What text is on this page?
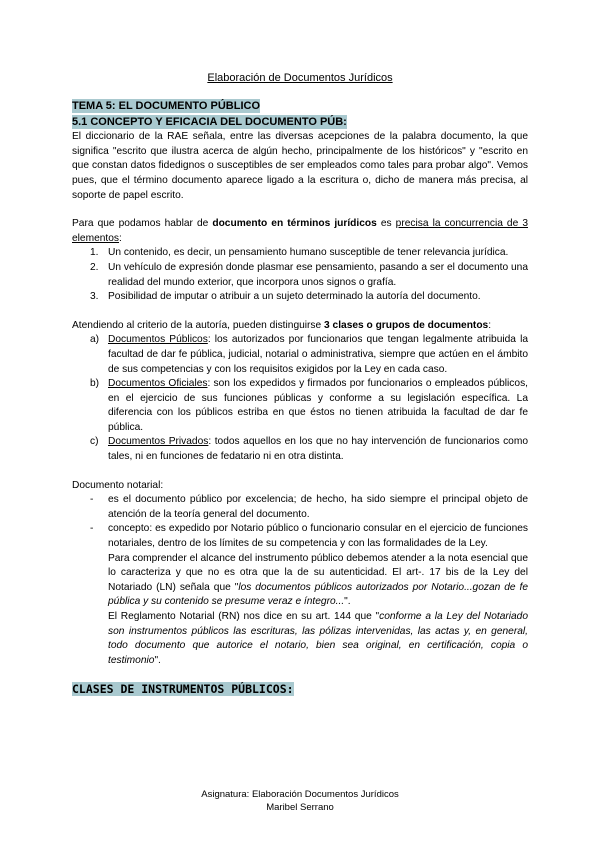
Elaboración de Documentos Jurídicos
TEMA 5: EL DOCUMENTO PÚBLICO
5.1 CONCEPTO Y EFICACIA DEL DOCUMENTO PÚB:

El diccionario de la RAE señala, entre las diversas acepciones de la palabra documento, la que significa "escrito que ilustra acerca de algún hecho, principalmente de los históricos" y "escrito en que constan datos fidedignos o susceptibles de ser empleados como tales para probar algo". Vemos pues, que el término documento aparece ligado a la escritura o, dicho de manera más precisa, al soporte de papel escrito.

Para que podamos hablar de documento en términos jurídicos es precisa la concurrencia de 3 elementos:

1. Un contenido, es decir, un pensamiento humano susceptible de tener relevancia jurídica.
2. Un vehículo de expresión donde plasmar ese pensamiento, pasando a ser el documento una realidad del mundo exterior, que incorpora unos signos o grafía.
3. Posibilidad de imputar o atribuir a un sujeto determinado la autoría del documento.

Atendiendo al criterio de la autoría, pueden distinguirse 3 clases o grupos de documentos:

a) Documentos Públicos: los autorizados por funcionarios que tengan legalmente atribuida la facultad de dar fe pública, judicial, notarial o administrativa, siempre que actúen en el ámbito de sus competencias y con los requisitos exigidos por la Ley en cada caso.
b) Documentos Oficiales: son los expedidos y firmados por funcionarios o empleados públicos, en el ejercicio de sus funciones públicas y conforme a su legislación específica. La diferencia con los públicos estriba en que éstos no tienen atribuida la facultad de dar fe pública.
c) Documentos Privados: todos aquellos en los que no hay intervención de funcionarios como tales, ni en funciones de fedatario ni en otra distinta.

Documento notarial:

- es el documento público por excelencia; de hecho, ha sido siempre el principal objeto de atención de la teoría general del documento.
- concepto: es expedido por Notario público o funcionario consular en el ejercicio de funciones notariales, dentro de los límites de su competencia y con las formalidades de la Ley.
Para comprender el alcance del instrumento público debemos atender a la nota esencial que lo caracteriza y que no es otra que la de su autenticidad. El art-. 17 bis de la Ley del Notariado (LN) señala que "los documentos públicos autorizados por Notario...gozan de fe pública y su contenido se presume veraz e íntegro...".
El Reglamento Notarial (RN) nos dice en su art. 144 que "conforme a la Ley del Notariado son instrumentos públicos las escrituras, las pólizas intervenidas, las actas y, en general, todo documento que autorice el notario, bien sea original, en certificación, copia o testimonio".
CLASES DE INSTRUMENTOS PÚBLICOS:
Asignatura: Elaboración Documentos Jurídicos
Maribel Serrano
